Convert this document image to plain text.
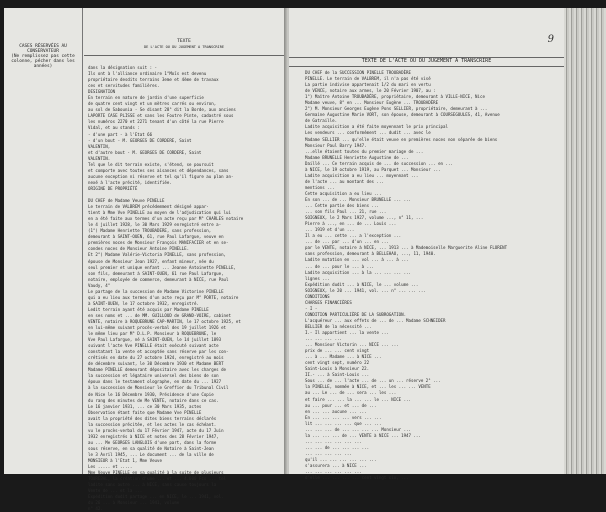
CASES RÉSERVÉES AU CONSERVATEUR
(Ne remplissez pas cette colonne, pécher dans les années)
TEXTE
DE L'ACTE OU DU JUGEMENT A TRANSCRIRE
dans la désignation suit : -
Ils ont à l'alliance ordinaire 1°Moïs est devenu
propriétaire desdits terrains 3eme et 4ème de travaux
ces et servitudes familières.
DESIGNATION
En terrain en nature de jardin d'une superficie
de quatre cent vingt et un mètres carrés ou environ,
au sol de Sabounia - Se disant 28° dit la Borde, aux anciens
LAPORTE CASE PLISSE et sans les Foutre Pinte, cadastré sous
les numéros 2270 et 2271 tenant d'un côté la rue Pierre
Vidal, et au stands :
- d'une part - à l'Etat 66
- d'un bout - M. GEORGES DE CORDERE, Saint
VALENTIN,
et d'autre bout - M. GEORGES DE CORDERE, Saint
VALENTIN.
Tel que le dit terrain existe, s'étend, se poursuit
et comporte avec toutes ses aisances et dépendances, sans
aucune exception ni réserve et tel qu'il figure au plan an-
nexé à l'acte précité, identifiée.
ORIGINE DE PROPRIÉTÉ
DU CHEF de Madame Veuve PINELLE
Le terrain de VALBREM précédemment désigné appar-
tient à Mme Vve PINELLE au moyen de l'adjudication qui lui
en a été faite aux termes d'un acte reçu par M° CHARLES notaire
le 4 juillet 1928, le 30 Mars 1929 enregistré entre a-
(1°) Madame Henriette TROUBADERE, sans profession,
demeurant à SAINT-OUEN, 61, rue Paul Lafargue, veuve en
premières noces de Monsieur François MANIFACIER et en se-
condes noces de Monsieur Antoine PINELLE.
Et 2°) Madame Valérie-Victoria PINELLE, sans profession,
épouse de Monsieur Jean 1927, enfant mineur, née du
seul premier et unique enfant ... Jeanne Antoinette PINELLE,
son fils, demeurant à SAINT-OUEN, 61 rue Paul Lafargue,
notaire, employée de commerce, demeurant à NICE, rue Paul
Vaudy, 4°
Le partage de la succession de Madame Victorine PINELLE
qui a eu lieu aux termes d'un acte reçu par M° PORTE, notaire
à SAINT-OUEN, le 17 octobre 1932, enregistré.
Ledit terrain ayant été acquis par Madame PINELLE
en ses noms et ... de MM. GUILLOUD de GRAND-VOIRE, cabinet
VENTE, notaire à ROQUEBRUNE CAP-MARTIN, le 17 octobre 1925, et
en lui-même suivant procès-verbal des 19 juillet 1926 et
le même lieu par M° D.L.P. Monsieur à ROQUEBRUNE, le
Vve Paul Lafargue, né à SAINT-OUEN, le 14 juillet 1893
suivant l'acte Vve PINELLE était exécuté suivant acte
constatant la vente et acceptée sans réserve par les con-
crétisés en date du 27 octobre 1924, enregistré au mois
de décembre suivant, le 30 Décembre 1930 et Madame BERT
Madame PINELLE demeurant dépositaire avec les charges de
la succession et légataire universel des biens de son
époux dans le testament olographe, en date du ... 1927
à la succession de Monsieur le Greffier du Tribunal Civil
de Nice le 16 Décembre 1930, Présidence d'une Copie
du rang des minutes de Me VENTE, notaire dans ce cas.
Le 16 janvier 1931, ... ce 30 Mars 1935, actes
Observation étant faite que Madame Vve PINELLE
avait la propriété des dites biens terrains déclarés
la succession précitée, et les actes le cas échéant.
vu le procès-verbal du 17 Février 1947, acte du 17 Juin
1932 enregistrés à NICE et notes des 28 Février 1947,
au ... Me GEORGES LANGLOIS d'une part, dans la forme
sous réserve, en sa qualité de Notaire à Saint-Jean
le 3 Avril 1945, ... Le document ... de la ville de
MONSIEUR à l'Etat 1, Mme Veuve
Les ..... et .....
Mme Veuve PINELLE en sa qualité à la suite de plusieurs
TOUREBAL, la création d'une ... et ... 4.000 Fcs ... tel
ladite sans autre ... à NICE, sans cause toujours la
Vente de ... et la ...
Expédition dudit partage ... en NICE, le ... 1941, vol.
du 26 ... à Monsieur ... 1941, volume
n° 42.
9
TEXTE DE L'ACTE OU DU JUGEMENT A TRANSCRIRE
DU CHEF de la SUCCESSION PINELLE TROUBADÈRE
PINELLE. Le terrain de VALBREM, il n'a pas été visé
La partie indivise appartenait 1/2 du mari en vertu
de VENCE, notaire aux armes, le 20 Février 1907, au :
1°) Maître Antoine TROUBADÈRE, propriétaire, demeurant à VILLE-NICE, Nice
Modame veuve, 8° en ... Monsieur Eugène ... TROUBADÈRE
2°) M. Monsieur Georges Eugène Pons SELLIER, propriétaire, demeurant à ...
Germaine Augustine Marie VORT, son épouse, demeurant à COURSEGOULES, 41, Avenue
de Gatraille.
Ladite acquisition a été faite moyennant le prix principal
Les vendeurs ... conformément ... dudit ... avec le
Madame SELLIER ... qu'elle était veuve en premières noces non séparée de biens
Monsieur Paul Barry 1947.
...elle étaient toutes du premier mariage de ...
Madame BRUNELLE Henriette Augustine de ...
Daillé ... Ce terrain acquis de ... de succession ... en ...
à NICE, le 19 octobre 1919, au Parquet ... Monsieur ...
Ladite acquisition a eu lieu ... moyennant ...
de l'acte ... au montant des ...
mentions ...
Cette acquisition a eu lieu ...
En son ... de ... Monsieur BRUNELLE ... ...
... Cette partie des biens ...
... son fils Paul ... 21, rue ...
SOIGNEUX, le 2 Mars 1927, volume ..., n° 11, ...
Pierre à ..., en ... de ... Louis ...
... 1919 et d'un ...
Il a eu ... cette ... a l'exception ...
... de ... par ... d'un ... en ...
par le VENTE, notaire à NICE, ... 1913 ... à Mademoiselle Marguerite Aline FLORENT
sans profession, demeurant à BELLEHAU, ..., 11, 1940.
Ladite mutation en ... vol ... à ... à ...
... de ... pour le ... à ...
Ladite acquisition ... à la ... ... ... ...
lignes ...
Expédition dudit ... à NICE, le ... volume ...
SOIGNEUX, le 20 ... 1941, vol. ... n° ... ... ...
CONDITIONS
CHARGES FINANCIÈRES
- I -
CONDITION PARTICULIÈRE DE LA SUBROGATION.
L'acquéreur ... aux effets de ... de ... Madame SCHNEIDER
BELLIER de la nécessité ...
I.- Il appartient ... la vente ...
... ... ... ...
... Monsieur Victorin ... NICE ... ...
prix de ... ... cent vingt
... à ... Madame ... à NICE ...
cent vingt sept, numéro 22
Saint-Louis à Monsieur 22.
II.- ... à Saint-Louis ...
Sous ... de ... l'acte ... de ... un ... réserve 2° ...
la PINELLE, nommée à NICE, et ... les ... ... VENTE
au ... Le ... de ... sera ... les ...
et faire ... ... la ... ... le ... NICE ...
au ... pour ... et ... de ...
en ... ... aucune ... ...
En ... ... ... ... vers ... ...
lit ... ... ... ... que ... ...
... ... ... de ... ... ... ... Monsieur ...
la ... ... ... de ... VENTE à NICE ... 1947 ...
... ... ... ... ... ...
... ... de ... ... ... ...
... ... ... ... ...
qu'il ... ... ... ... ... ...
s'assurera ... à NICE ...
... ... ... ... ... ...
d'elle ... ... ... ... cent vingt six, ...
